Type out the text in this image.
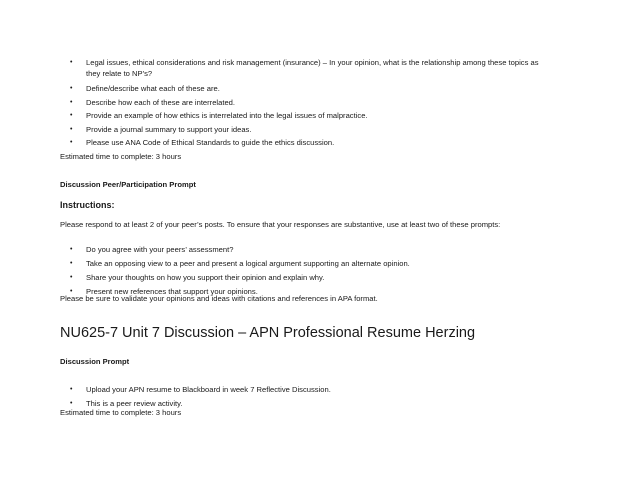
• Legal issues, ethical considerations and risk management (insurance) – In your opinion, what is the relationship among these topics as
they relate to NP’s?
• Define/describe what each of these are.
• Describe how each of these are interrelated.
• Provide an example of how ethics is interrelated into the legal issues of malpractice.
• Provide a journal summary to support your ideas.
• Please use ANA Code of Ethical Standards to guide the ethics discussion.
Estimated time to complete: 3 hours
Discussion Peer/Participation Prompt
Instructions:
Please respond to at least 2 of your peer’s posts. To ensure that your responses are substantive, use at least two of these prompts:
• Do you agree with your peers’ assessment?
• Take an opposing view to a peer and present a logical argument supporting an alternate opinion.
• Share your thoughts on how you support their opinion and explain why.
• Present new references that support your opinions.
Please be sure to validate your opinions and ideas with citations and references in APA format.
NU625-7 Unit 7 Discussion – APN Professional Resume Herzing
Discussion Prompt
• Upload your APN resume to Blackboard in week 7 Reflective Discussion.
• This is a peer review activity.
Estimated time to complete: 3 hours
